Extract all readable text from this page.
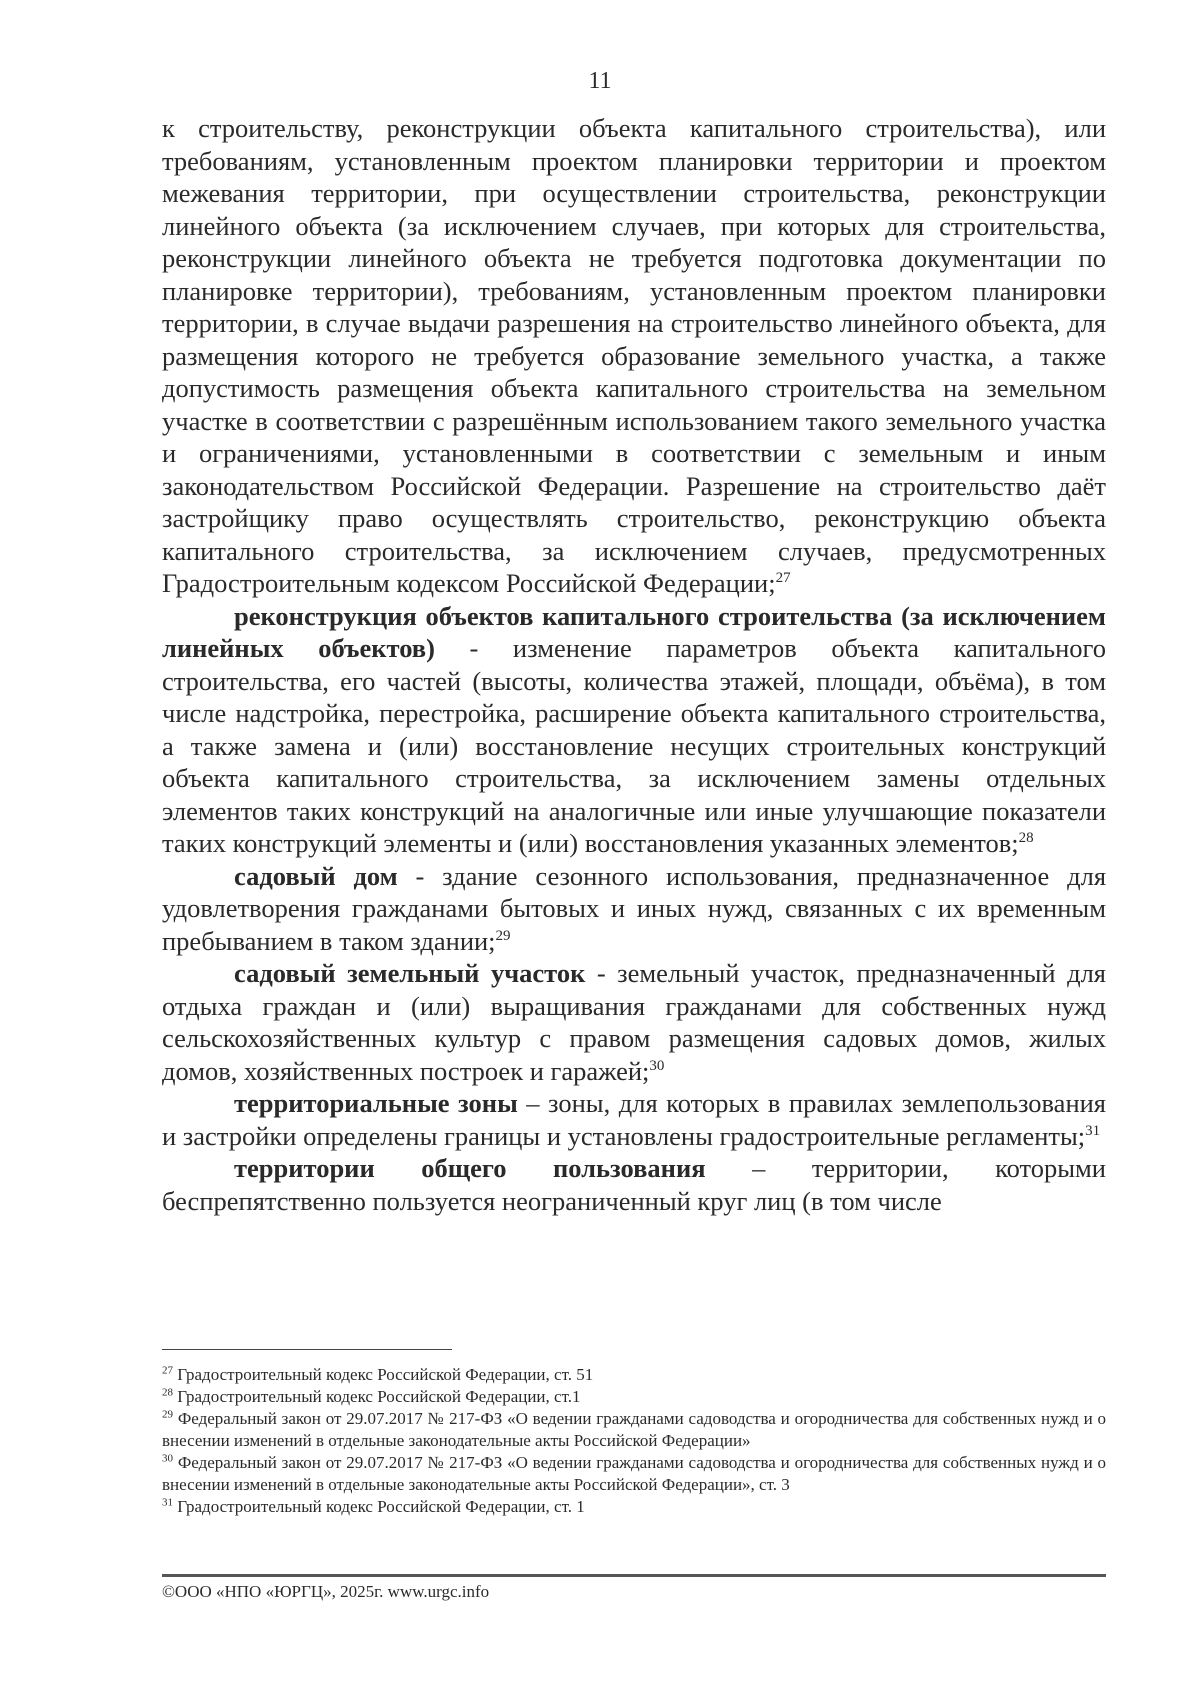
11

к строительству, реконструкции объекта капитального строительства), или требованиям, установленным проектом планировки территории и проектом межевания территории, при осуществлении строительства, реконструкции линейного объекта (за исключением случаев, при которых для строительства, реконструкции линейного объекта не требуется подготовка документации по планировке территории), требованиям, установленным проектом планировки территории, в случае выдачи разрешения на строительство линейного объекта, для размещения которого не требуется образование земельного участка, а также допустимость размещения объекта капитального строительства на земельном участке в соответствии с разрешённым использованием такого земельного участка и ограничениями, установленными в соответствии с земельным и иным законодательством Российской Федерации. Разрешение на строительство даёт застройщику право осуществлять строительство, реконструкцию объекта капитального строительства, за исключением случаев, предусмотренных Градостроительным кодексом Российской Федерации;$^{27}$

реконструкция объектов капитального строительства (за исключением линейных объектов) - изменение параметров объекта капитального строительства, его частей (высоты, количества этажей, площади, объёма), в том числе надстройка, перестройка, расширение объекта капитального строительства, а также замена и (или) восстановление несущих строительных конструкций объекта капитального строительства, за исключением замены отдельных элементов таких конструкций на аналогичные или иные улучшающие показатели таких конструкций элементы и (или) восстановления указанных элементов;$^{28}$

садовый дом - здание сезонного использования, предназначенное для удовлетворения гражданами бытовых и иных нужд, связанных с их временным пребыванием в таком здании;$^{29}$

садовый земельный участок - земельный участок, предназначенный для отдыха граждан и (или) выращивания гражданами для собственных нужд сельскохозяйственных культур с правом размещения садовых домов, жилых домов, хозяйственных построек и гаражей;$^{30}$

территориальные зоны – зоны, для которых в правилах землепользования и застройки определены границы и установлены градостроительные регламенты;$^{31}$

территории общего пользования – территории, которыми беспрепятственно пользуется неограниченный круг лиц (в том числе

$^{27}$ Градостроительный кодекс Российской Федерации, ст. 51

$^{28}$ Градостроительный кодекс Российской Федерации, ст.1

$^{29}$ Федеральный закон от 29.07.2017 № 217-ФЗ «О ведении гражданами садоводства и огородничества для собственных нужд и о внесении изменений в отдельные законодательные акты Российской Федерации»

$^{30}$ Федеральный закон от 29.07.2017 № 217-ФЗ «О ведении гражданами садоводства и огородничества для собственных нужд и о внесении изменений в отдельные законодательные акты Российской Федерации», ст. 3

$^{31}$ Градостроительный кодекс Российской Федерации, ст. 1

©ООО «НПО «ЮРГЦ», 2025г. www.urgc.info
